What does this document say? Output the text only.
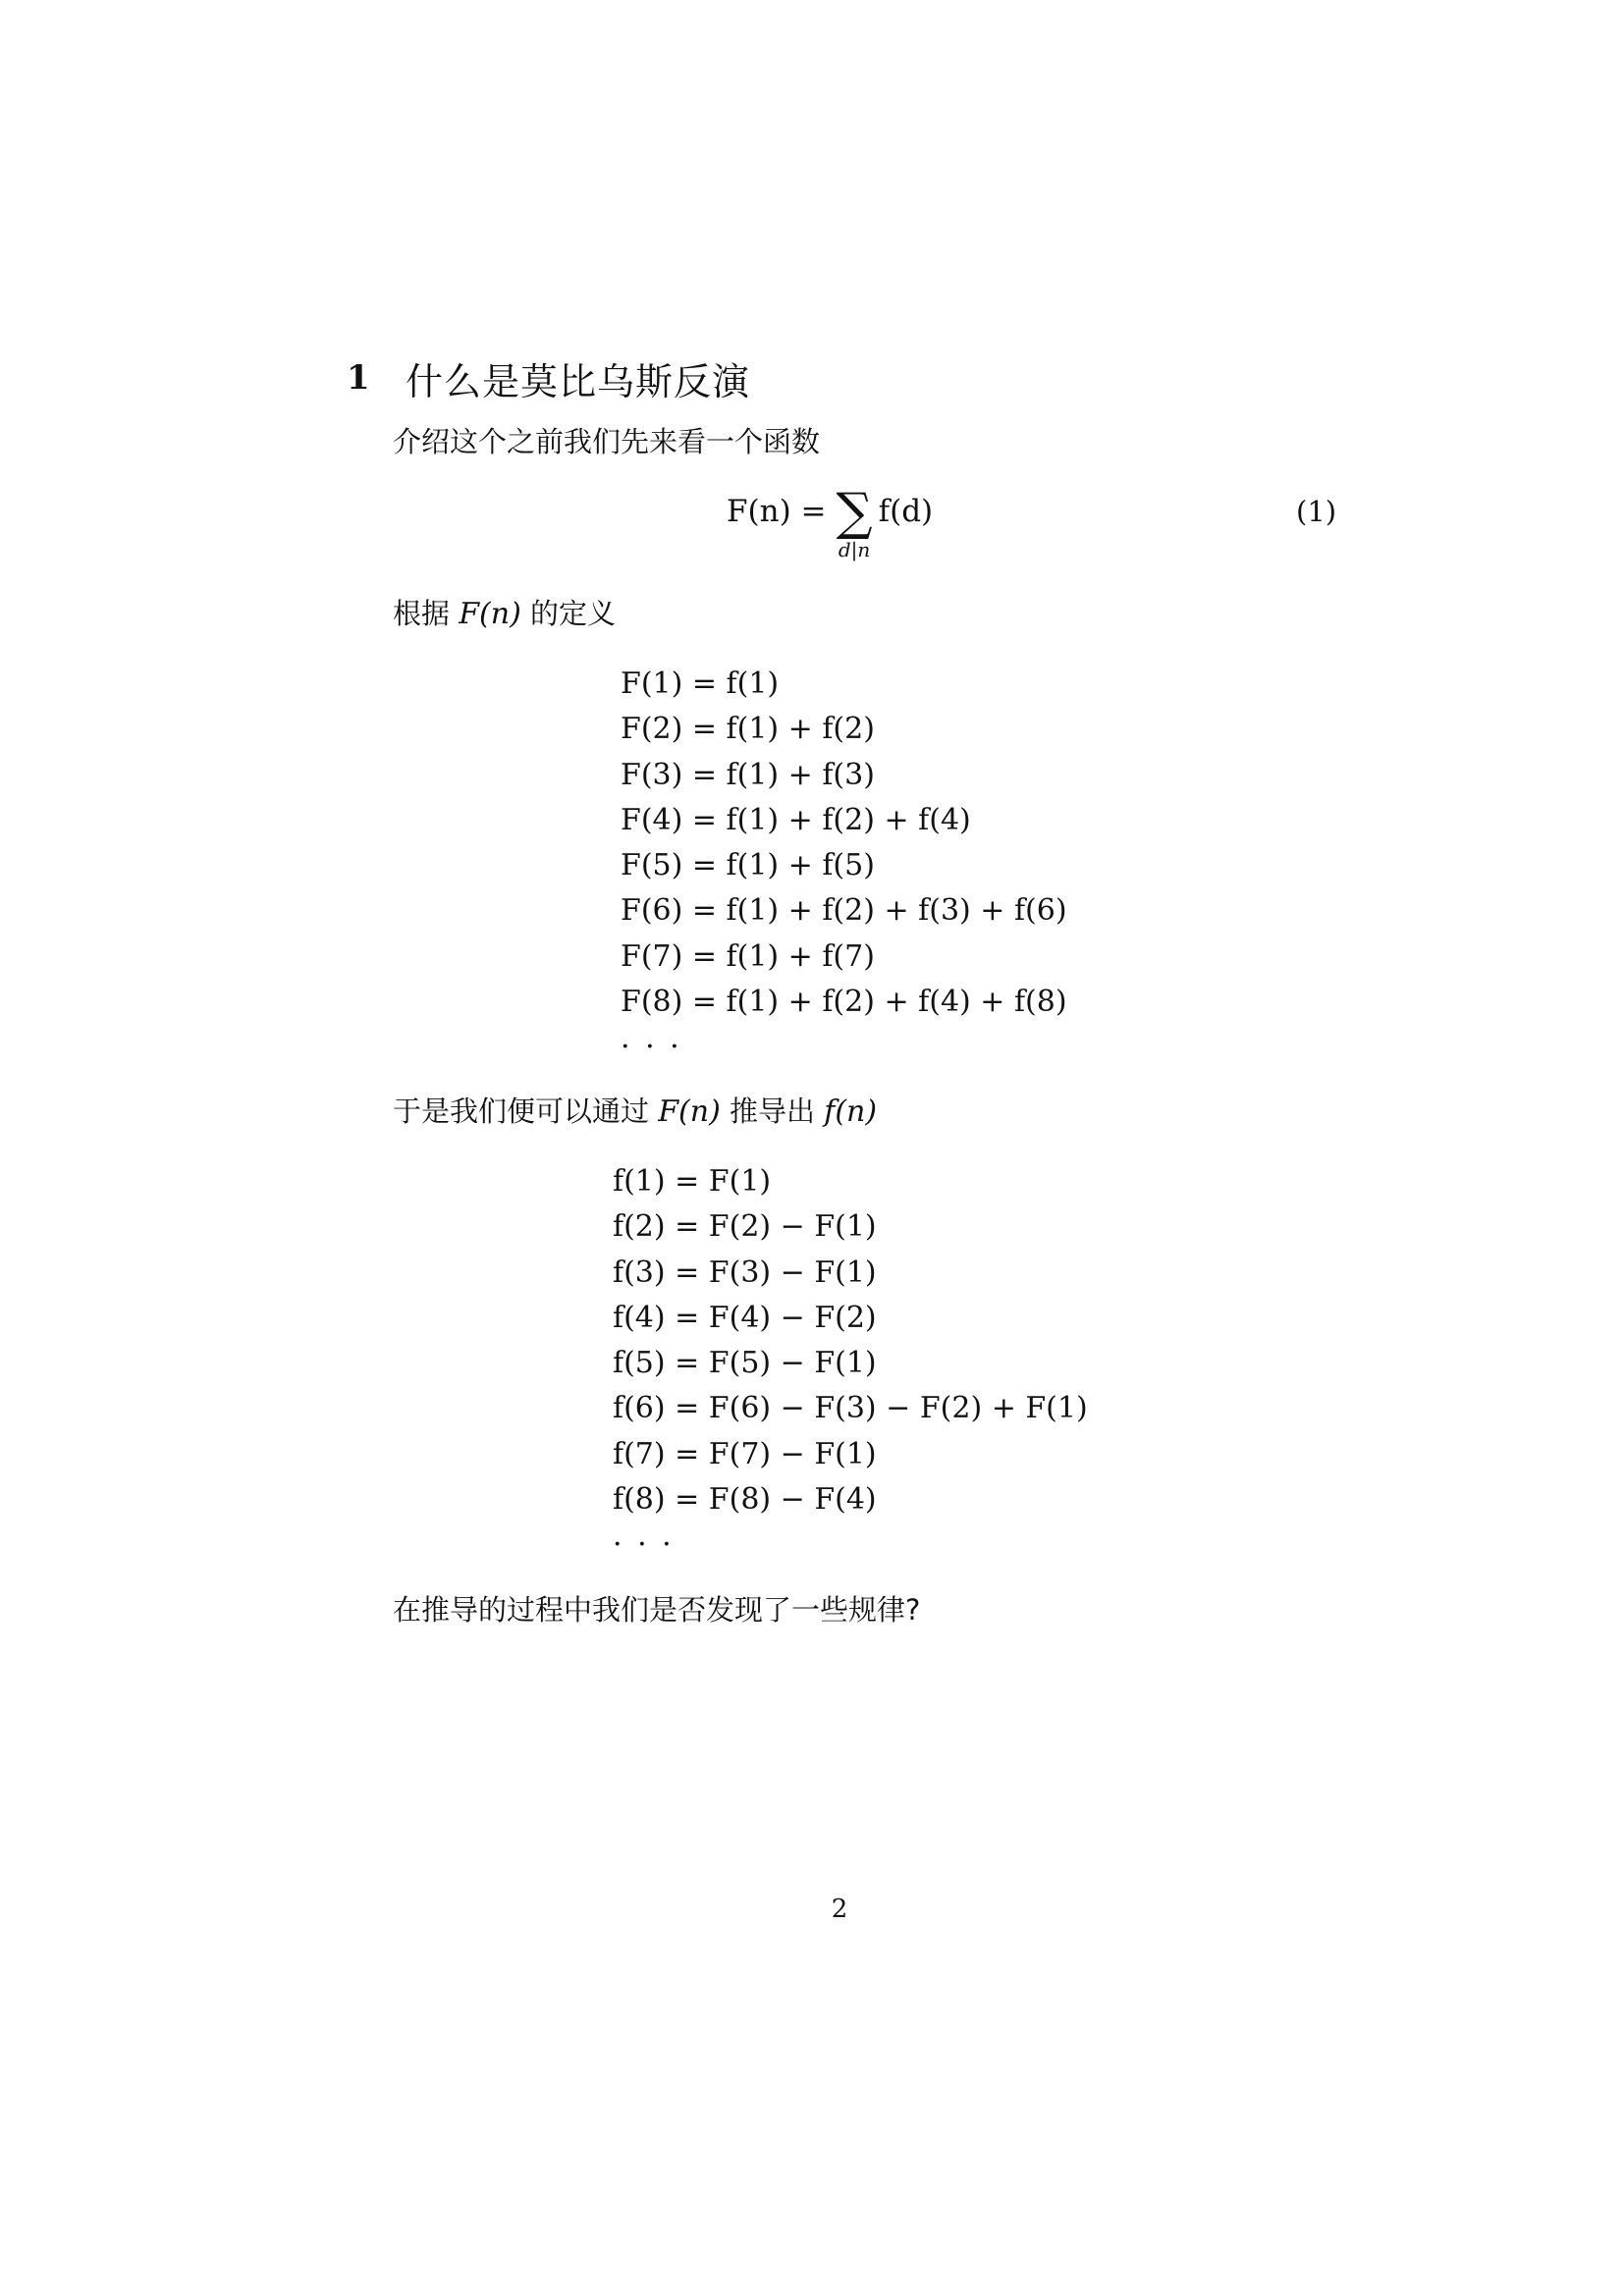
1 什么是莫比乌斯反演
介绍这个之前我们先来看一个函数
F(n) = ∑
d|n
f(d)	(1)
根据 F(n) 的定义
F(1) = f(1)
F(2) = f(1) + f(2)
F(3) = f(1) + f(3)
F(4) = f(1) + f(2) + f(4)
F(5) = f(1) + f(5)
F(6) = f(1) + f(2) + f(3) + f(6)
F(7) = f(1) + f(7)
F(8) = f(1) + f(2) + f(4) + f(8)
· · ·
于是我们便可以通过 F(n) 推导出 f(n)
f(1) = F(1)
f(2) = F(2) − F(1)
f(3) = F(3) − F(1)
f(4) = F(4) − F(2)
f(5) = F(5) − F(1)
f(6) = F(6) − F(3) − F(2) + F(1)
f(7) = F(7) − F(1)
f(8) = F(8) − F(4)
· · ·
在推导的过程中我们是否发现了一些规律?
2
